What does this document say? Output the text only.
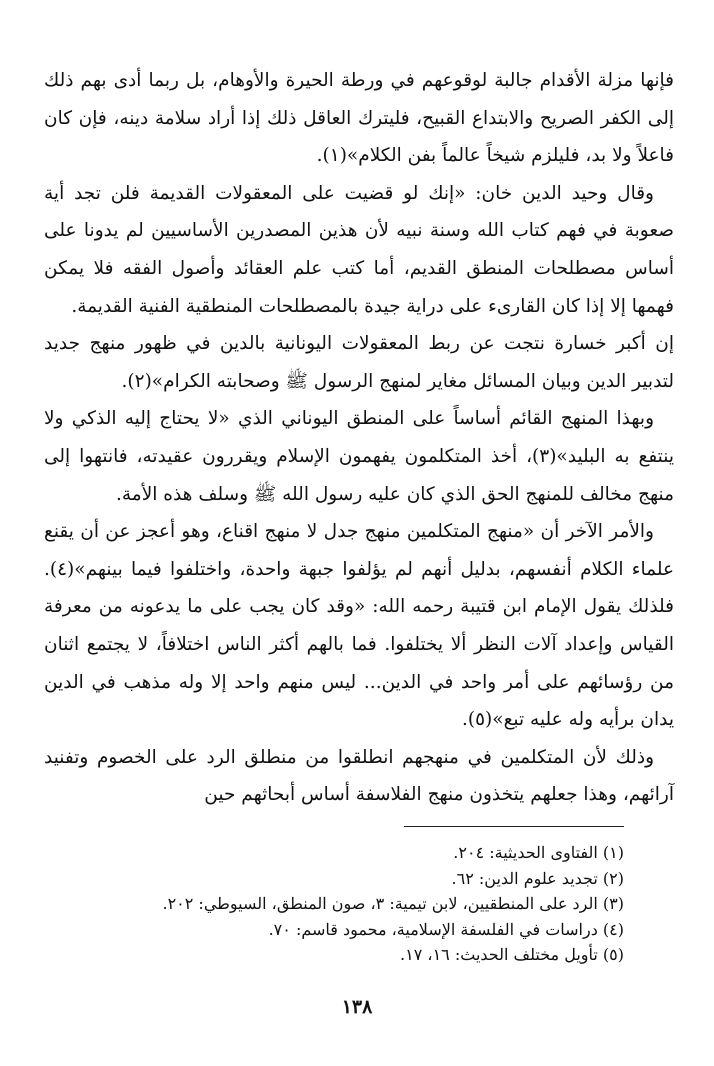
فإنها مزلة الأقدام جالبة لوقوعهم في ورطة الحيرة والأوهام، بل ربما أدى بهم ذلك إلى الكفر الصريح والابتداع القبيح، فليترك العاقل ذلك إذا أراد سلامة دينه، فإن كان فاعلاً ولا بد، فليلزم شيخاً عالماً بفن الكلام»(١).

وقال وحيد الدين خان: «إنك لو قضيت على المعقولات القديمة فلن تجد أية صعوبة في فهم كتاب الله وسنة نبيه لأن هذين المصدرين الأساسيين لم يدونا على أساس مصطلحات المنطق القديم، أما كتب علم العقائد وأصول الفقه فلا يمكن فهمها إلا إذا كان القارىء على دراية جيدة بالمصطلحات المنطقية الفنية القديمة.

إن أكبر خسارة نتجت عن ربط المعقولات اليونانية بالدين في ظهور منهج جديد لتدبير الدين وبيان المسائل مغاير لمنهج الرسول ﷺ وصحابته الكرام»(٢).

وبهذا المنهج القائم أساساً على المنطق اليوناني الذي «لا يحتاج إليه الذكي ولا ينتفع به البليد»(٣)، أخذ المتكلمون يفهمون الإسلام ويقررون عقيدته، فانتهوا إلى منهج مخالف للمنهج الحق الذي كان عليه رسول الله ﷺ وسلف هذه الأمة.

والأمر الآخر أن «منهج المتكلمين منهج جدل لا منهج اقناع، وهو أعجز عن أن يقنع علماء الكلام أنفسهم، بدليل أنهم لم يؤلفوا جبهة واحدة، واختلفوا فيما بينهم»(٤). فلذلك يقول الإمام ابن قتيبة رحمه الله: «وقد كان يجب على ما يدعونه من معرفة القياس وإعداد آلات النظر ألا يختلفوا. فما بالهم أكثر الناس اختلافاً، لا يجتمع اثنان من رؤسائهم على أمر واحد في الدين... ليس منهم واحد إلا وله مذهب في الدين يدان برأيه وله عليه تبع»(٥).

وذلك لأن المتكلمين في منهجهم انطلقوا من منطلق الرد على الخصوم وتفنيد آرائهم، وهذا جعلهم يتخذون منهج الفلاسفة أساس أبحاثهم حين

(١) الفتاوى الحديثية: ٢٠٤.

(٢) تجديد علوم الدين: ٦٢.

(٣) الرد على المنطقيين، لابن تيمية: ٣، صون المنطق، السيوطي: ٢٠٢.

(٤) دراسات في الفلسفة الإسلامية، محمود قاسم: ٧٠.

(٥) تأويل مختلف الحديث: ١٦، ١٧.

١٣٨
